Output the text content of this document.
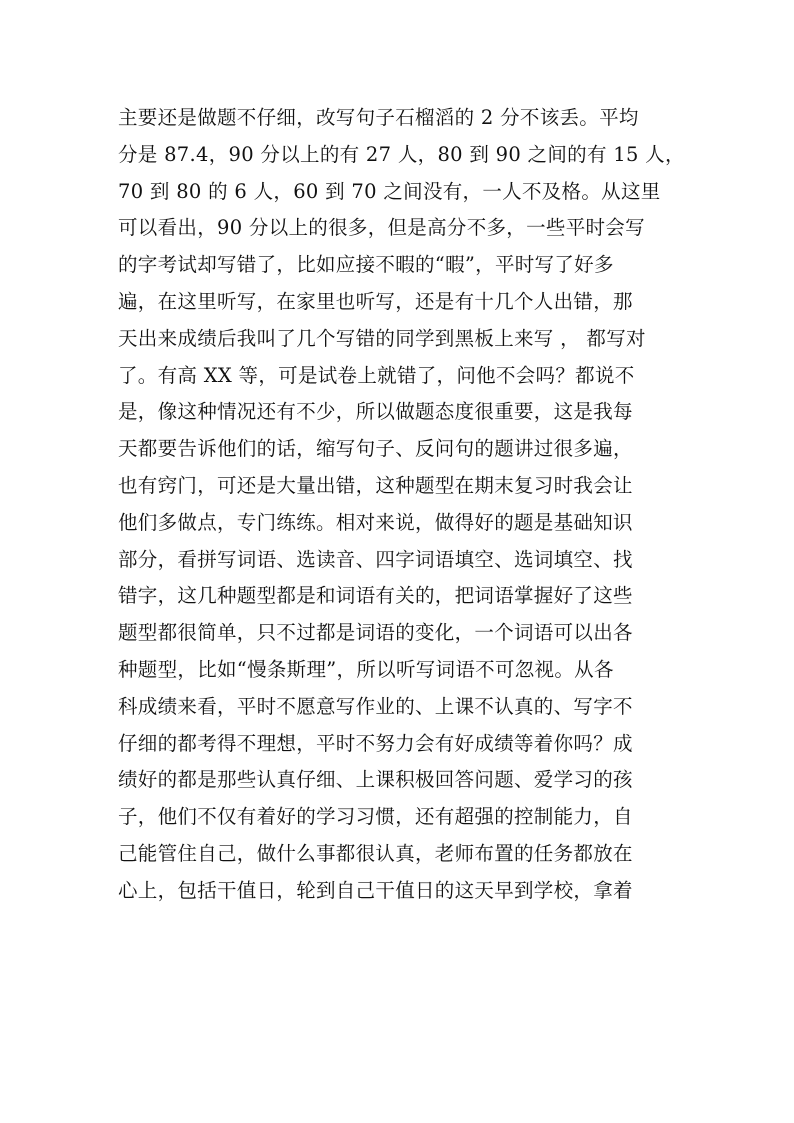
主要还是做题不仔细，改写句子石榴滔的 2 分不该丢。平均
分是 87.4，90 分以上的有 27 人，80 到 90 之间的有 15 人，
70 到 80 的 6 人，60 到 70 之间没有，一人不及格。从这里
可以看出，90 分以上的很多，但是高分不多，一些平时会写
的字考试却写错了，比如应接不暇的“暇”，平时写了好多
遍，在这里听写，在家里也听写，还是有十几个人出错，那
天出来成绩后我叫了几个写错的同学到黑板上来写 ， 都写对
了。有高 XX 等，可是试卷上就错了，问他不会吗？都说不
是，像这种情况还有不少，所以做题态度很重要，这是我每
天都要告诉他们的话，缩写句子、反问句的题讲过很多遍，
也有窍门，可还是大量出错，这种题型在期末复习时我会让
他们多做点，专门练练。相对来说，做得好的题是基础知识
部分，看拼写词语、选读音、四字词语填空、选词填空、找
错字，这几种题型都是和词语有关的，把词语掌握好了这些
题型都很简单，只不过都是词语的变化，一个词语可以出各
种题型，比如“慢条斯理”，所以听写词语不可忽视。从各
科成绩来看，平时不愿意写作业的、上课不认真的、写字不
仔细的都考得不理想，平时不努力会有好成绩等着你吗？成
绩好的都是那些认真仔细、上课积极回答问题、爱学习的孩
子，他们不仅有着好的学习习惯，还有超强的控制能力，自
己能管住自己，做什么事都很认真，老师布置的任务都放在
心上，包括干值日，轮到自己干值日的这天早到学校，拿着
